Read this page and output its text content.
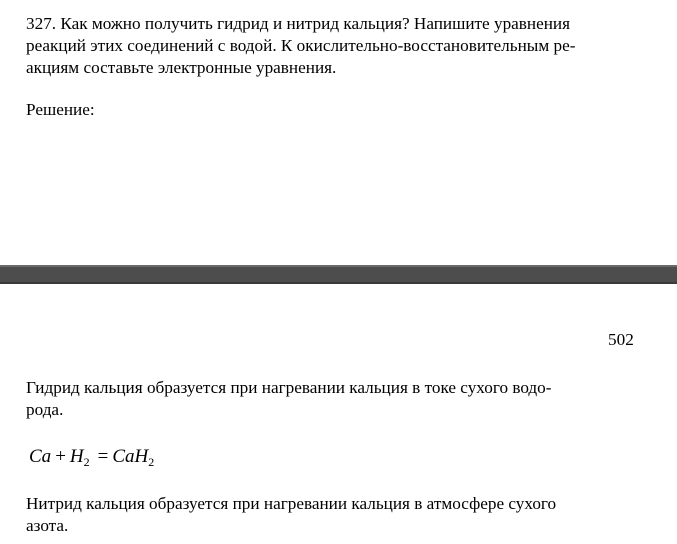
327. Как можно получить гидрид и нитрид кальция? Напишите уравнения
реакций этих соединений с водой. К окислительно-восстановительным ре-
акциям составьте электронные уравнения.
Решение:
502
Гидрид кальция образуется при нагревании кальция в токе сухого водо-
рода.
$Ca + H_2 = CaH_2$
Нитрид кальция образуется при нагревании кальция в атмосфере сухого
азота.
